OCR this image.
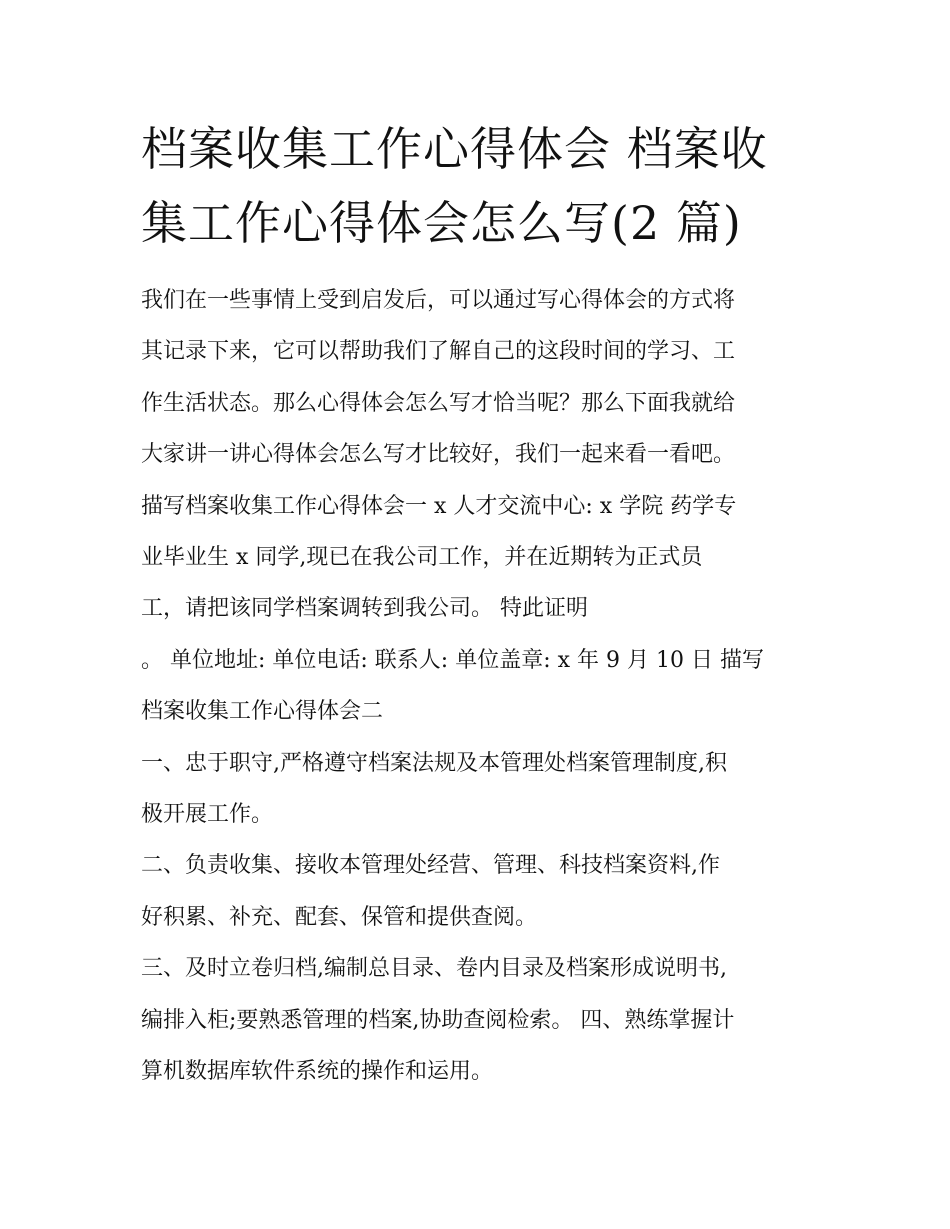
档案收集工作心得体会 档案收
集工作心得体会怎么写(2 篇)
我们在一些事情上受到启发后，可以通过写心得体会的方式将
其记录下来，它可以帮助我们了解自己的这段时间的学习、工
作生活状态。那么心得体会怎么写才恰当呢？那么下面我就给
大家讲一讲心得体会怎么写才比较好，我们一起来看一看吧。
描写档案收集工作心得体会一 x 人才交流中心: x 学院 药学专
业毕业生 x 同学,现已在我公司工作，并在近期转为正式员
工，请把该同学档案调转到我公司。 特此证明
。 单位地址: 单位电话: 联系人: 单位盖章: x 年 9 月 10 日 描写
档案收集工作心得体会二
一、忠于职守,严格遵守档案法规及本管理处档案管理制度,积
极开展工作。
二、负责收集、接收本管理处经营、管理、科技档案资料,作
好积累、补充、配套、保管和提供查阅。
三、及时立卷归档,编制总目录、卷内目录及档案形成说明书,
编排入柜;要熟悉管理的档案,协助查阅检索。 四、熟练掌握计
算机数据库软件系统的操作和运用。
